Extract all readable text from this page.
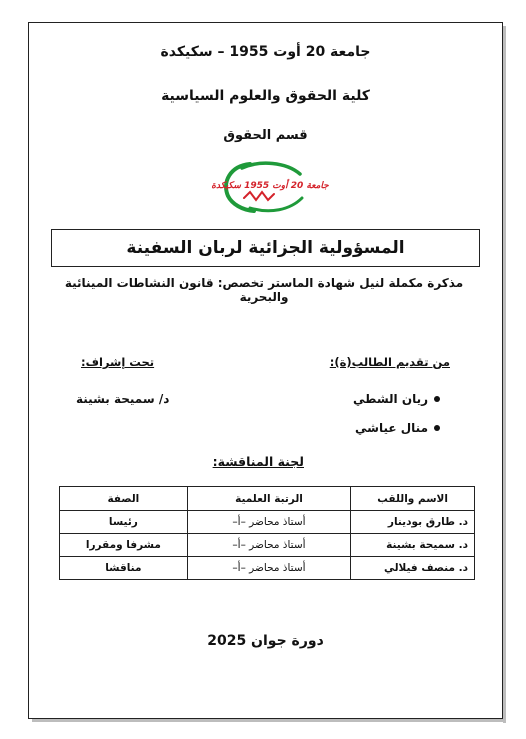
جامعة 20 أوت 1955 – سكيكدة
كلية الحقوق والعلوم السياسية
قسم الحقوق
جامعة 20 أوت 1955 سكيكدة
المسؤولية الجزائية لربان السفينة
مذكرة مكملة لنيل شهادة الماستر تخصص: قانون النشاطات المينائية والبحرية
من تقديم الطالب(ة):
تحت إشراف:
ريان الشطي
منال عياشي
د/ سميحة بشينة
لجنة المناقشة:
الاسم واللقب	الرتبة العلمية	الصفة
د. طارق بودينار	أستاذ محاضر –أ–	رئيسا
د. سميحة بشينة	أستاذ محاضر –أ–	مشرفا ومقررا
د. منصف فيلالي	أستاذ محاضر –أ–	مناقشا
دورة جوان 2025
